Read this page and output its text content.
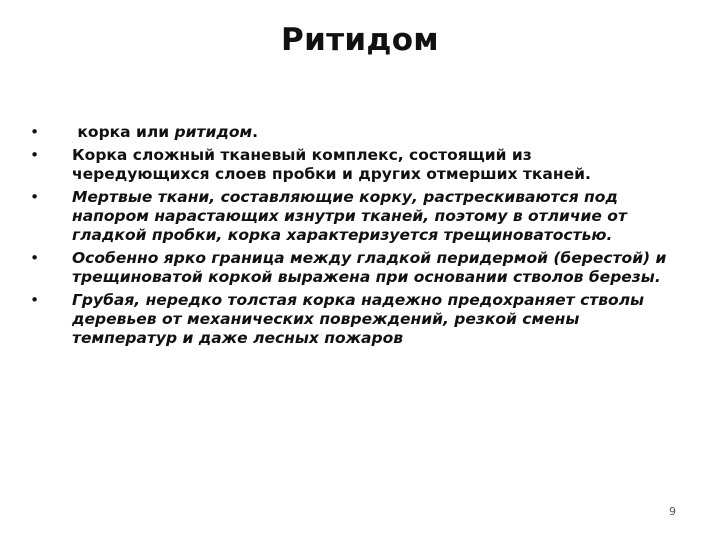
Ритидом
•	корка или ритидом.
•	Корка сложный тканевый комплекс, состоящий из чередующихся слоев пробки и других отмерших тканей.
•	Мертвые ткани, составляющие корку, растрескиваются под напором нарастающих изнутри тканей, поэтому в отличие от гладкой пробки, корка характеризуется трещиноватостью.
•	Особенно ярко граница между гладкой перидермой (берестой) и трещиноватой коркой выражена при основании стволов березы.
•	Грубая, нередко толстая корка надежно предохраняет стволы деревьев от механических повреждений, резкой смены температур и даже лесных пожаров
9
